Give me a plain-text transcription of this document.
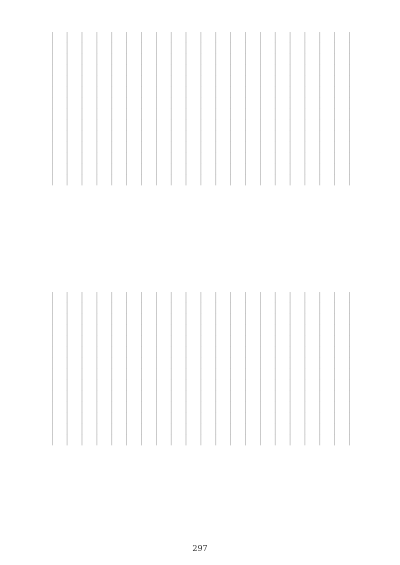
││││││││││││││
││││││││││││││
││││││││││││││
││││││││││││││
││││││││││││││
││││││││││││││
││││││││││││││
││││││││││││││
││││││││││││││
││││││││││││││
││││││││││││││
││││││││││││││
││││││││││││││
││││││││││││││
││││││││││││││
││││││││││││││
││││││││││││││
││││││││││││││
││││││││││││││
││││││││││││││
││││││││││││││
││││││││││││││
││││││││││││││
││││││││││││││
││││││││││││││
││││││││││││││
││││││││││││││
││││││││││││││
││││││││││││││
││││││││││││││
││││││││││││││
││││││││││││││
││││││││││││││
││││││││││││││
││││││││││││││
││││││││││││││
││││││││││││││
││││││││││││││
││││││││││││││
││││││││││││││
││││││││││││││
││││││││││││││
297
